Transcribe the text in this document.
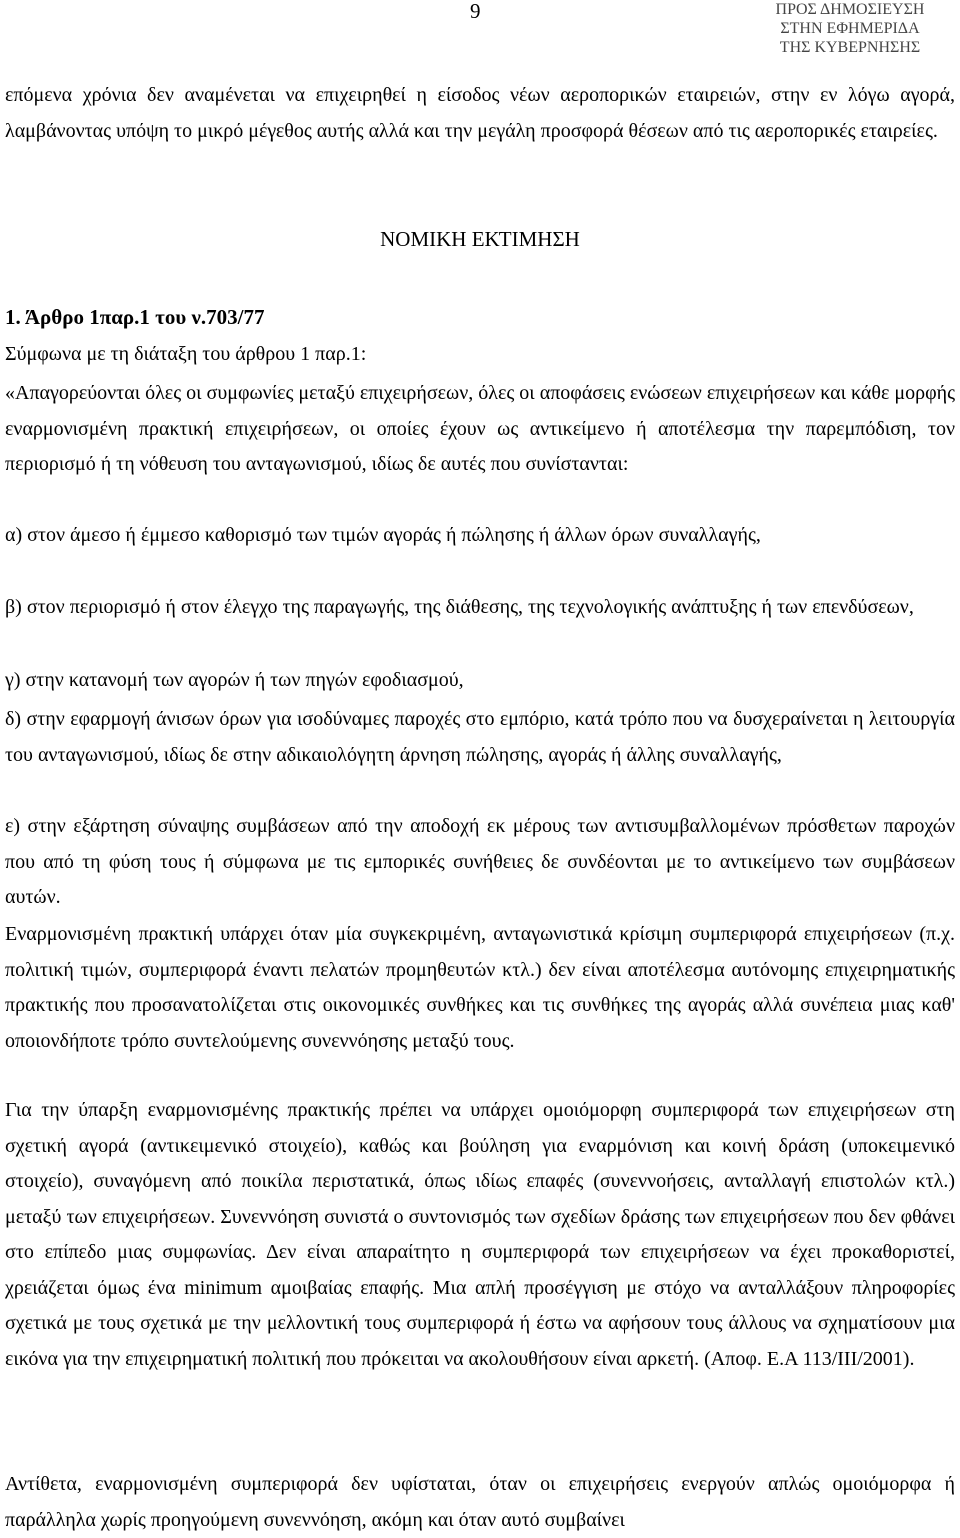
9	ΠΡΟΣ ΔΗΜΟΣΙΕΥΣΗ
ΣΤΗΝ ΕΦΗΜΕΡΙΔΑ
ΤΗΣ ΚΥΒΕΡΝΗΣΗΣ

επόμενα χρόνια δεν αναμένεται να επιχειρηθεί η είσοδος νέων αεροπορικών εταιρειών, στην εν λόγω αγορά, λαμβάνοντας υπόψη το μικρό μέγεθος αυτής αλλά και την μεγάλη προσφορά θέσεων από τις αεροπορικές εταιρείες.

ΝΟΜΙΚΗ ΕΚΤΙΜΗΣΗ

1. Άρθρο 1παρ.1 του ν.703/77

Σύμφωνα με τη διάταξη του άρθρου 1 παρ.1:

«Απαγορεύονται όλες οι συμφωνίες μεταξύ επιχειρήσεων, όλες οι αποφάσεις ενώσεων επιχειρήσεων και κάθε μορφής εναρμονισμένη πρακτική επιχειρήσεων, οι οποίες έχουν ως αντικείμενο ή αποτέλεσμα την παρεμπόδιση, τον περιορισμό ή τη νόθευση του ανταγωνισμού, ιδίως δε αυτές που συνίστανται:

α) στον άμεσο ή έμμεσο καθορισμό των τιμών αγοράς ή πώλησης ή άλλων όρων συναλλαγής,

β) στον περιορισμό ή στον έλεγχο της παραγωγής, της διάθεσης, της τεχνολογικής ανάπτυξης ή των επενδύσεων,

γ) στην κατανομή των αγορών ή των πηγών εφοδιασμού,

δ) στην εφαρμογή άνισων όρων για ισοδύναμες παροχές στο εμπόριο, κατά τρόπο που να δυσχεραίνεται η λειτουργία του ανταγωνισμού, ιδίως δε στην αδικαιολόγητη άρνηση πώλησης, αγοράς ή άλλης συναλλαγής,

ε) στην εξάρτηση σύναψης συμβάσεων από την αποδοχή εκ μέρους των αντισυμβαλλομένων πρόσθετων παροχών που από τη φύση τους ή σύμφωνα με τις εμπορικές συνήθειες δε συνδέονται με το αντικείμενο των συμβάσεων αυτών.

Εναρμονισμένη πρακτική υπάρχει όταν μία συγκεκριμένη, ανταγωνιστικά κρίσιμη συμπεριφορά επιχειρήσεων (π.χ. πολιτική τιμών, συμπεριφορά έναντι πελατών προμηθευτών κτλ.) δεν είναι αποτέλεσμα αυτόνομης επιχειρηματικής πρακτικής που προσανατολίζεται στις οικονομικές συνθήκες και τις συνθήκες της αγοράς αλλά συνέπεια μιας καθ' οποιονδήποτε τρόπο συντελούμενης συνεννόησης μεταξύ τους.

Για την ύπαρξη εναρμονισμένης πρακτικής πρέπει να υπάρχει ομοιόμορφη συμπεριφορά των επιχειρήσεων στη σχετική αγορά (αντικειμενικό στοιχείο), καθώς και βούληση για εναρμόνιση και κοινή δράση (υποκειμενικό στοιχείο), συναγόμενη από ποικίλα περιστατικά, όπως ιδίως επαφές (συνεννοήσεις, ανταλλαγή επιστολών κτλ.) μεταξύ των επιχειρήσεων. Συνεννόηση συνιστά ο συντονισμός των σχεδίων δράσης των επιχειρήσεων που δεν φθάνει στο επίπεδο μιας συμφωνίας. Δεν είναι απαραίτητο η συμπεριφορά των επιχειρήσεων να έχει προκαθοριστεί, χρειάζεται όμως ένα minimum αμοιβαίας επαφής. Μια απλή προσέγγιση με στόχο να ανταλλάξουν πληροφορίες σχετικά με τους σχετικά με την μελλοντική τους συμπεριφορά ή έστω να αφήσουν τους άλλους να σχηματίσουν μια εικόνα για την επιχειρηματική πολιτική που πρόκειται να ακολουθήσουν είναι αρκετή. (Αποφ. Ε.Α 113/ΙΙΙ/2001).

Αντίθετα, εναρμονισμένη συμπεριφορά δεν υφίσταται, όταν οι επιχειρήσεις ενεργούν απλώς ομοιόμορφα ή παράλληλα χωρίς προηγούμενη συνεννόηση, ακόμη και όταν αυτό συμβαίνει
